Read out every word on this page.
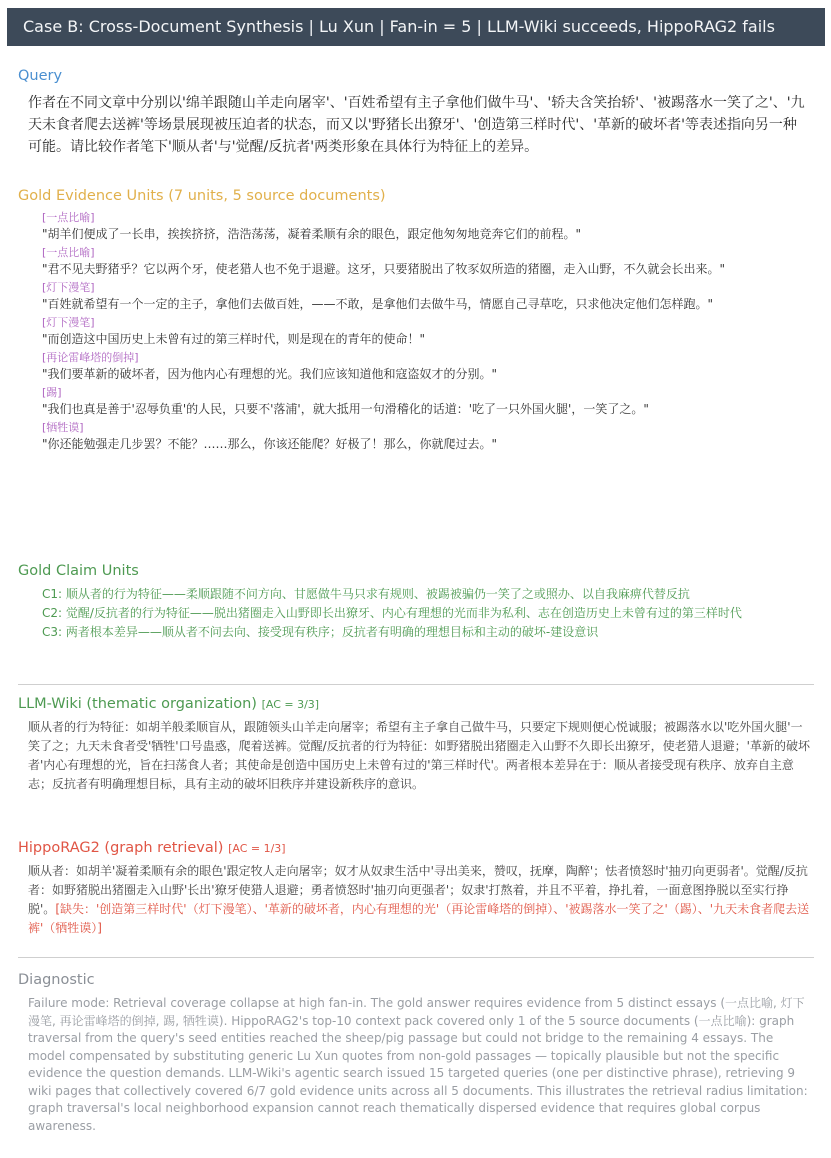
Case B: Cross-Document Synthesis | Lu Xun | Fan-in = 5 | LLM-Wiki succeeds, HippoRAG2 fails
Query
作者在不同文章中分别以'绵羊跟随山羊走向屠宰'、'百姓希望有主子拿他们做牛马'、'轿夫含笑抬轿'、'被踢落水一笑了之'、'九天未食者爬去送裤'等场景展现被压迫者的状态，而又以'野猪长出獠牙'、'创造第三样时代'、'革新的破坏者'等表述指向另一种可能。请比较作者笔下'顺从者'与'觉醒/反抗者'两类形象在具体行为特征上的差异。
Gold Evidence Units (7 units, 5 source documents)
[一点比喻]
"胡羊们便成了一长串，挨挨挤挤，浩浩荡荡，凝着柔顺有余的眼色，跟定他匆匆地竞奔它们的前程。"
[一点比喻]
"君不见夫野猪乎？它以两个牙，使老猎人也不免于退避。这牙，只要猪脱出了牧豕奴所造的猪圈，走入山野，不久就会长出来。"
[灯下漫笔]
"百姓就希望有一个一定的主子，拿他们去做百姓，——不敢，是拿他们去做牛马，情愿自己寻草吃，只求他决定他们怎样跑。"
[灯下漫笔]
"而创造这中国历史上未曾有过的第三样时代，则是现在的青年的使命！"
[再论雷峰塔的倒掉]
"我们要革新的破坏者，因为他内心有理想的光。我们应该知道他和寇盗奴才的分别。"
[踢]
"我们也真是善于'忍辱负重'的人民，只要不'落浦'，就大抵用一句滑稽化的话道：'吃了一只外国火腿'，一笑了之。"
[牺牲谟]
"你还能勉强走几步罢？不能？……那么，你该还能爬？好极了！那么，你就爬过去。"
Gold Claim Units
C1: 顺从者的行为特征——柔顺跟随不问方向、甘愿做牛马只求有规则、被踢被骗仍一笑了之或照办、以自我麻痹代替反抗
C2: 觉醒/反抗者的行为特征——脱出猪圈走入山野即长出獠牙、内心有理想的光而非为私利、志在创造历史上未曾有过的第三样时代
C3: 两者根本差异——顺从者不问去向、接受现有秩序；反抗者有明确的理想目标和主动的破坏-建设意识
LLM-Wiki (thematic organization) [AC = 3/3]
顺从者的行为特征：如胡羊般柔顺盲从，跟随领头山羊走向屠宰；希望有主子拿自己做牛马，只要定下规则便心悦诚服；被踢落水以'吃外国火腿'一笑了之；九天未食者受'牺牲'口号蛊惑，爬着送裤。觉醒/反抗者的行为特征：如野猪脱出猪圈走入山野不久即长出獠牙，使老猎人退避；'革新的破坏者'内心有理想的光，旨在扫荡食人者；其使命是创造中国历史上未曾有过的'第三样时代'。两者根本差异在于：顺从者接受现有秩序、放弃自主意志；反抗者有明确理想目标，具有主动的破坏旧秩序并建设新秩序的意识。
HippoRAG2 (graph retrieval) [AC = 1/3]
顺从者：如胡羊'凝着柔顺有余的眼色'跟定牧人走向屠宰；奴才从奴隶生活中'寻出美来，赞叹，抚摩，陶醉'；怯者愤怒时'抽刃向更弱者'。觉醒/反抗者：如野猪脱出猪圈走入山野'长出'獠牙使猎人退避；勇者愤怒时'抽刃向更强者'；奴隶'打熬着，并且不平着，挣扎着，一面意图挣脱以至实行挣脱'。[缺失：'创造第三样时代'（灯下漫笔）、'革新的破坏者，内心有理想的光'（再论雷峰塔的倒掉）、'被踢落水一笑了之'（踢）、'九天未食者爬去送裤'（牺牲谟）]
Diagnostic
Failure mode: Retrieval coverage collapse at high fan-in. The gold answer requires evidence from 5 distinct essays (一点比喻, 灯下漫笔, 再论雷峰塔的倒掉, 踢, 牺牲谟). HippoRAG2's top-10 context pack covered only 1 of the 5 source documents (一点比喻): graph traversal from the query's seed entities reached the sheep/pig passage but could not bridge to the remaining 4 essays. The model compensated by substituting generic Lu Xun quotes from non-gold passages — topically plausible but not the specific evidence the question demands. LLM-Wiki's agentic search issued 15 targeted queries (one per distinctive phrase), retrieving 9 wiki pages that collectively covered 6/7 gold evidence units across all 5 documents. This illustrates the retrieval radius limitation: graph traversal's local neighborhood expansion cannot reach thematically dispersed evidence that requires global corpus awareness.
